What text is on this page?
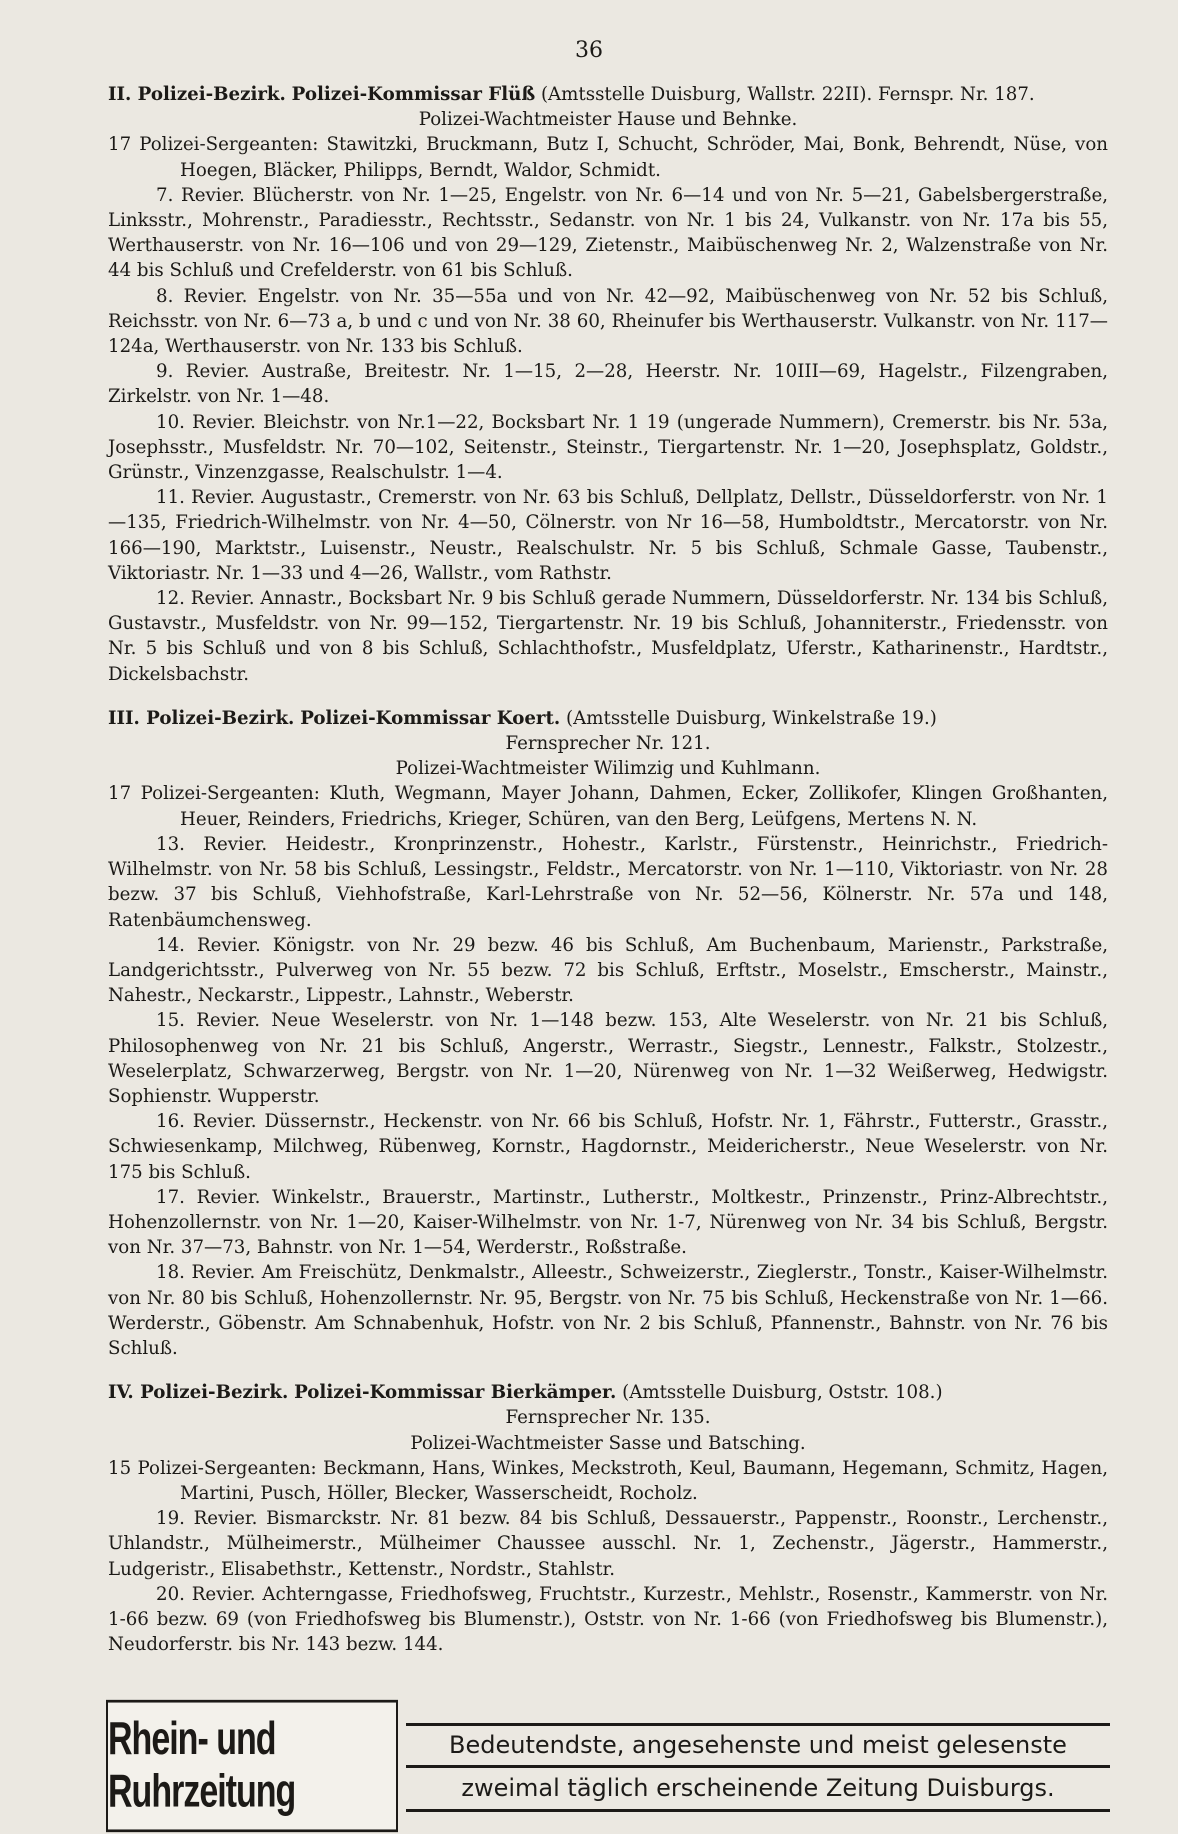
36

II. Polizei-Bezirk. Polizei-Kommissar Flüß (Amtsstelle Duisburg, Wallstr. 22II). Fernspr. Nr. 187.

Polizei-Wachtmeister Hause und Behnke.

17 Polizei-Sergeanten: Stawitzki, Bruckmann, Butz I, Schucht, Schröder, Mai, Bonk, Behrendt, Nüse, von Hoegen, Bläcker, Philipps, Berndt, Waldor, Schmidt.

7. Revier. Blücherstr. von Nr. 1—25, Engelstr. von Nr. 6—14 und von Nr. 5—21, Gabelsbergerstraße, Linksstr., Mohrenstr., Paradiesstr., Rechtsstr., Sedanstr. von Nr. 1 bis 24, Vulkanstr. von Nr. 17a bis 55, Werthauserstr. von Nr. 16—106 und von 29—129, Zietenstr., Maibüschenweg Nr. 2, Walzenstraße von Nr. 44 bis Schluß und Crefelderstr. von 61 bis Schluß.

8. Revier. Engelstr. von Nr. 35—55a und von Nr. 42—92, Maibüschenweg von Nr. 52 bis Schluß, Reichsstr. von Nr. 6—73 a, b und c und von Nr. 38 60, Rheinufer bis Werthauserstr. Vulkanstr. von Nr. 117—124a, Werthauserstr. von Nr. 133 bis Schluß.

9. Revier. Austraße, Breitestr. Nr. 1—15, 2—28, Heerstr. Nr. 10III—69, Hagelstr., Filzengraben, Zirkelstr. von Nr. 1—48.

10. Revier. Bleichstr. von Nr.1—22, Bocksbart Nr. 1 19 (ungerade Nummern), Cremerstr. bis Nr. 53a, Josephsstr., Musfeldstr. Nr. 70—102, Seitenstr., Steinstr., Tiergartenstr. Nr. 1—20, Josephsplatz, Goldstr., Grünstr., Vinzenzgasse, Realschulstr. 1—4.

11. Revier. Augustastr., Cremerstr. von Nr. 63 bis Schluß, Dellplatz, Dellstr., Düsseldorferstr. von Nr. 1—135, Friedrich-Wilhelmstr. von Nr. 4—50, Cölnerstr. von Nr 16—58, Humboldtstr., Mercatorstr. von Nr. 166—190, Marktstr., Luisenstr., Neustr., Realschulstr. Nr. 5 bis Schluß, Schmale Gasse, Taubenstr., Viktoriastr. Nr. 1—33 und 4—26, Wallstr., vom Rathstr.

12. Revier. Annastr., Bocksbart Nr. 9 bis Schluß gerade Nummern, Düsseldorferstr. Nr. 134 bis Schluß, Gustavstr., Musfeldstr. von Nr. 99—152, Tiergartenstr. Nr. 19 bis Schluß, Johanniterstr., Friedensstr. von Nr. 5 bis Schluß und von 8 bis Schluß, Schlachthofstr., Musfeldplatz, Uferstr., Katharinenstr., Hardtstr., Dickelsbachstr.

III. Polizei-Bezirk. Polizei-Kommissar Koert. (Amtsstelle Duisburg, Winkelstraße 19.)

Fernsprecher Nr. 121.

Polizei-Wachtmeister Wilimzig und Kuhlmann.

17 Polizei-Sergeanten: Kluth, Wegmann, Mayer Johann, Dahmen, Ecker, Zollikofer, Klingen Großhanten, Heuer, Reinders, Friedrichs, Krieger, Schüren, van den Berg, Leüfgens, Mertens N. N.

13. Revier. Heidestr., Kronprinzenstr., Hohestr., Karlstr., Fürstenstr., Heinrichstr., Friedrich-Wilhelmstr. von Nr. 58 bis Schluß, Lessingstr., Feldstr., Mercatorstr. von Nr. 1—110, Viktoriastr. von Nr. 28 bezw. 37 bis Schluß, Viehhofstraße, Karl-Lehrstraße von Nr. 52—56, Kölnerstr. Nr. 57a und 148, Ratenbäumchensweg.

14. Revier. Königstr. von Nr. 29 bezw. 46 bis Schluß, Am Buchenbaum, Marienstr., Parkstraße, Landgerichtsstr., Pulverweg von Nr. 55 bezw. 72 bis Schluß, Erftstr., Moselstr., Emscherstr., Mainstr., Nahestr., Neckarstr., Lippestr., Lahnstr., Weberstr.

15. Revier. Neue Weselerstr. von Nr. 1—148 bezw. 153, Alte Weselerstr. von Nr. 21 bis Schluß, Philosophenweg von Nr. 21 bis Schluß, Angerstr., Werrastr., Siegstr., Lennestr., Falkstr., Stolzestr., Weselerplatz, Schwarzerweg, Bergstr. von Nr. 1—20, Nürenweg von Nr. 1—32 Weißerweg, Hedwigstr. Sophienstr. Wupperstr.

16. Revier. Düssernstr., Heckenstr. von Nr. 66 bis Schluß, Hofstr. Nr. 1, Fährstr., Futterstr., Grasstr., Schwiesenkamp, Milchweg, Rübenweg, Kornstr., Hagdornstr., Meidericherstr., Neue Weselerstr. von Nr. 175 bis Schluß.

17. Revier. Winkelstr., Brauerstr., Martinstr., Lutherstr., Moltkestr., Prinzenstr., Prinz-Albrechtstr., Hohenzollernstr. von Nr. 1—20, Kaiser-Wilhelmstr. von Nr. 1-7, Nürenweg von Nr. 34 bis Schluß, Bergstr. von Nr. 37—73, Bahnstr. von Nr. 1—54, Werderstr., Roßstraße.

18. Revier. Am Freischütz, Denkmalstr., Alleestr., Schweizerstr., Zieglerstr., Tonstr., Kaiser-Wilhelmstr. von Nr. 80 bis Schluß, Hohenzollernstr. Nr. 95, Bergstr. von Nr. 75 bis Schluß, Heckenstraße von Nr. 1—66. Werderstr., Göbenstr. Am Schnabenhuk, Hofstr. von Nr. 2 bis Schluß, Pfannenstr., Bahnstr. von Nr. 76 bis Schluß.

IV. Polizei-Bezirk. Polizei-Kommissar Bierkämper. (Amtsstelle Duisburg, Oststr. 108.)

Fernsprecher Nr. 135.

Polizei-Wachtmeister Sasse und Batsching.

15 Polizei-Sergeanten: Beckmann, Hans, Winkes, Meckstroth, Keul, Baumann, Hegemann, Schmitz, Hagen, Martini, Pusch, Höller, Blecker, Wasserscheidt, Rocholz.

19. Revier. Bismarckstr. Nr. 81 bezw. 84 bis Schluß, Dessauerstr., Pappenstr., Roonstr., Lerchenstr., Uhlandstr., Mülheimerstr., Mülheimer Chaussee ausschl. Nr. 1, Zechenstr., Jägerstr., Hammerstr., Ludgeristr., Elisabethstr., Kettenstr., Nordstr., Stahlstr.

20. Revier. Achterngasse, Friedhofsweg, Fruchtstr., Kurzestr., Mehlstr., Rosenstr., Kammerstr. von Nr. 1-66 bezw. 69 (von Friedhofsweg bis Blumenstr.), Oststr. von Nr. 1-66 (von Friedhofsweg bis Blumenstr.), Neudorferstr. bis Nr. 143 bezw. 144.

Rhein- und Ruhrzeitung
Bedeutendste, angesehenste und meist gelesenste
zweimal täglich erscheinende Zeitung Duisburgs.
